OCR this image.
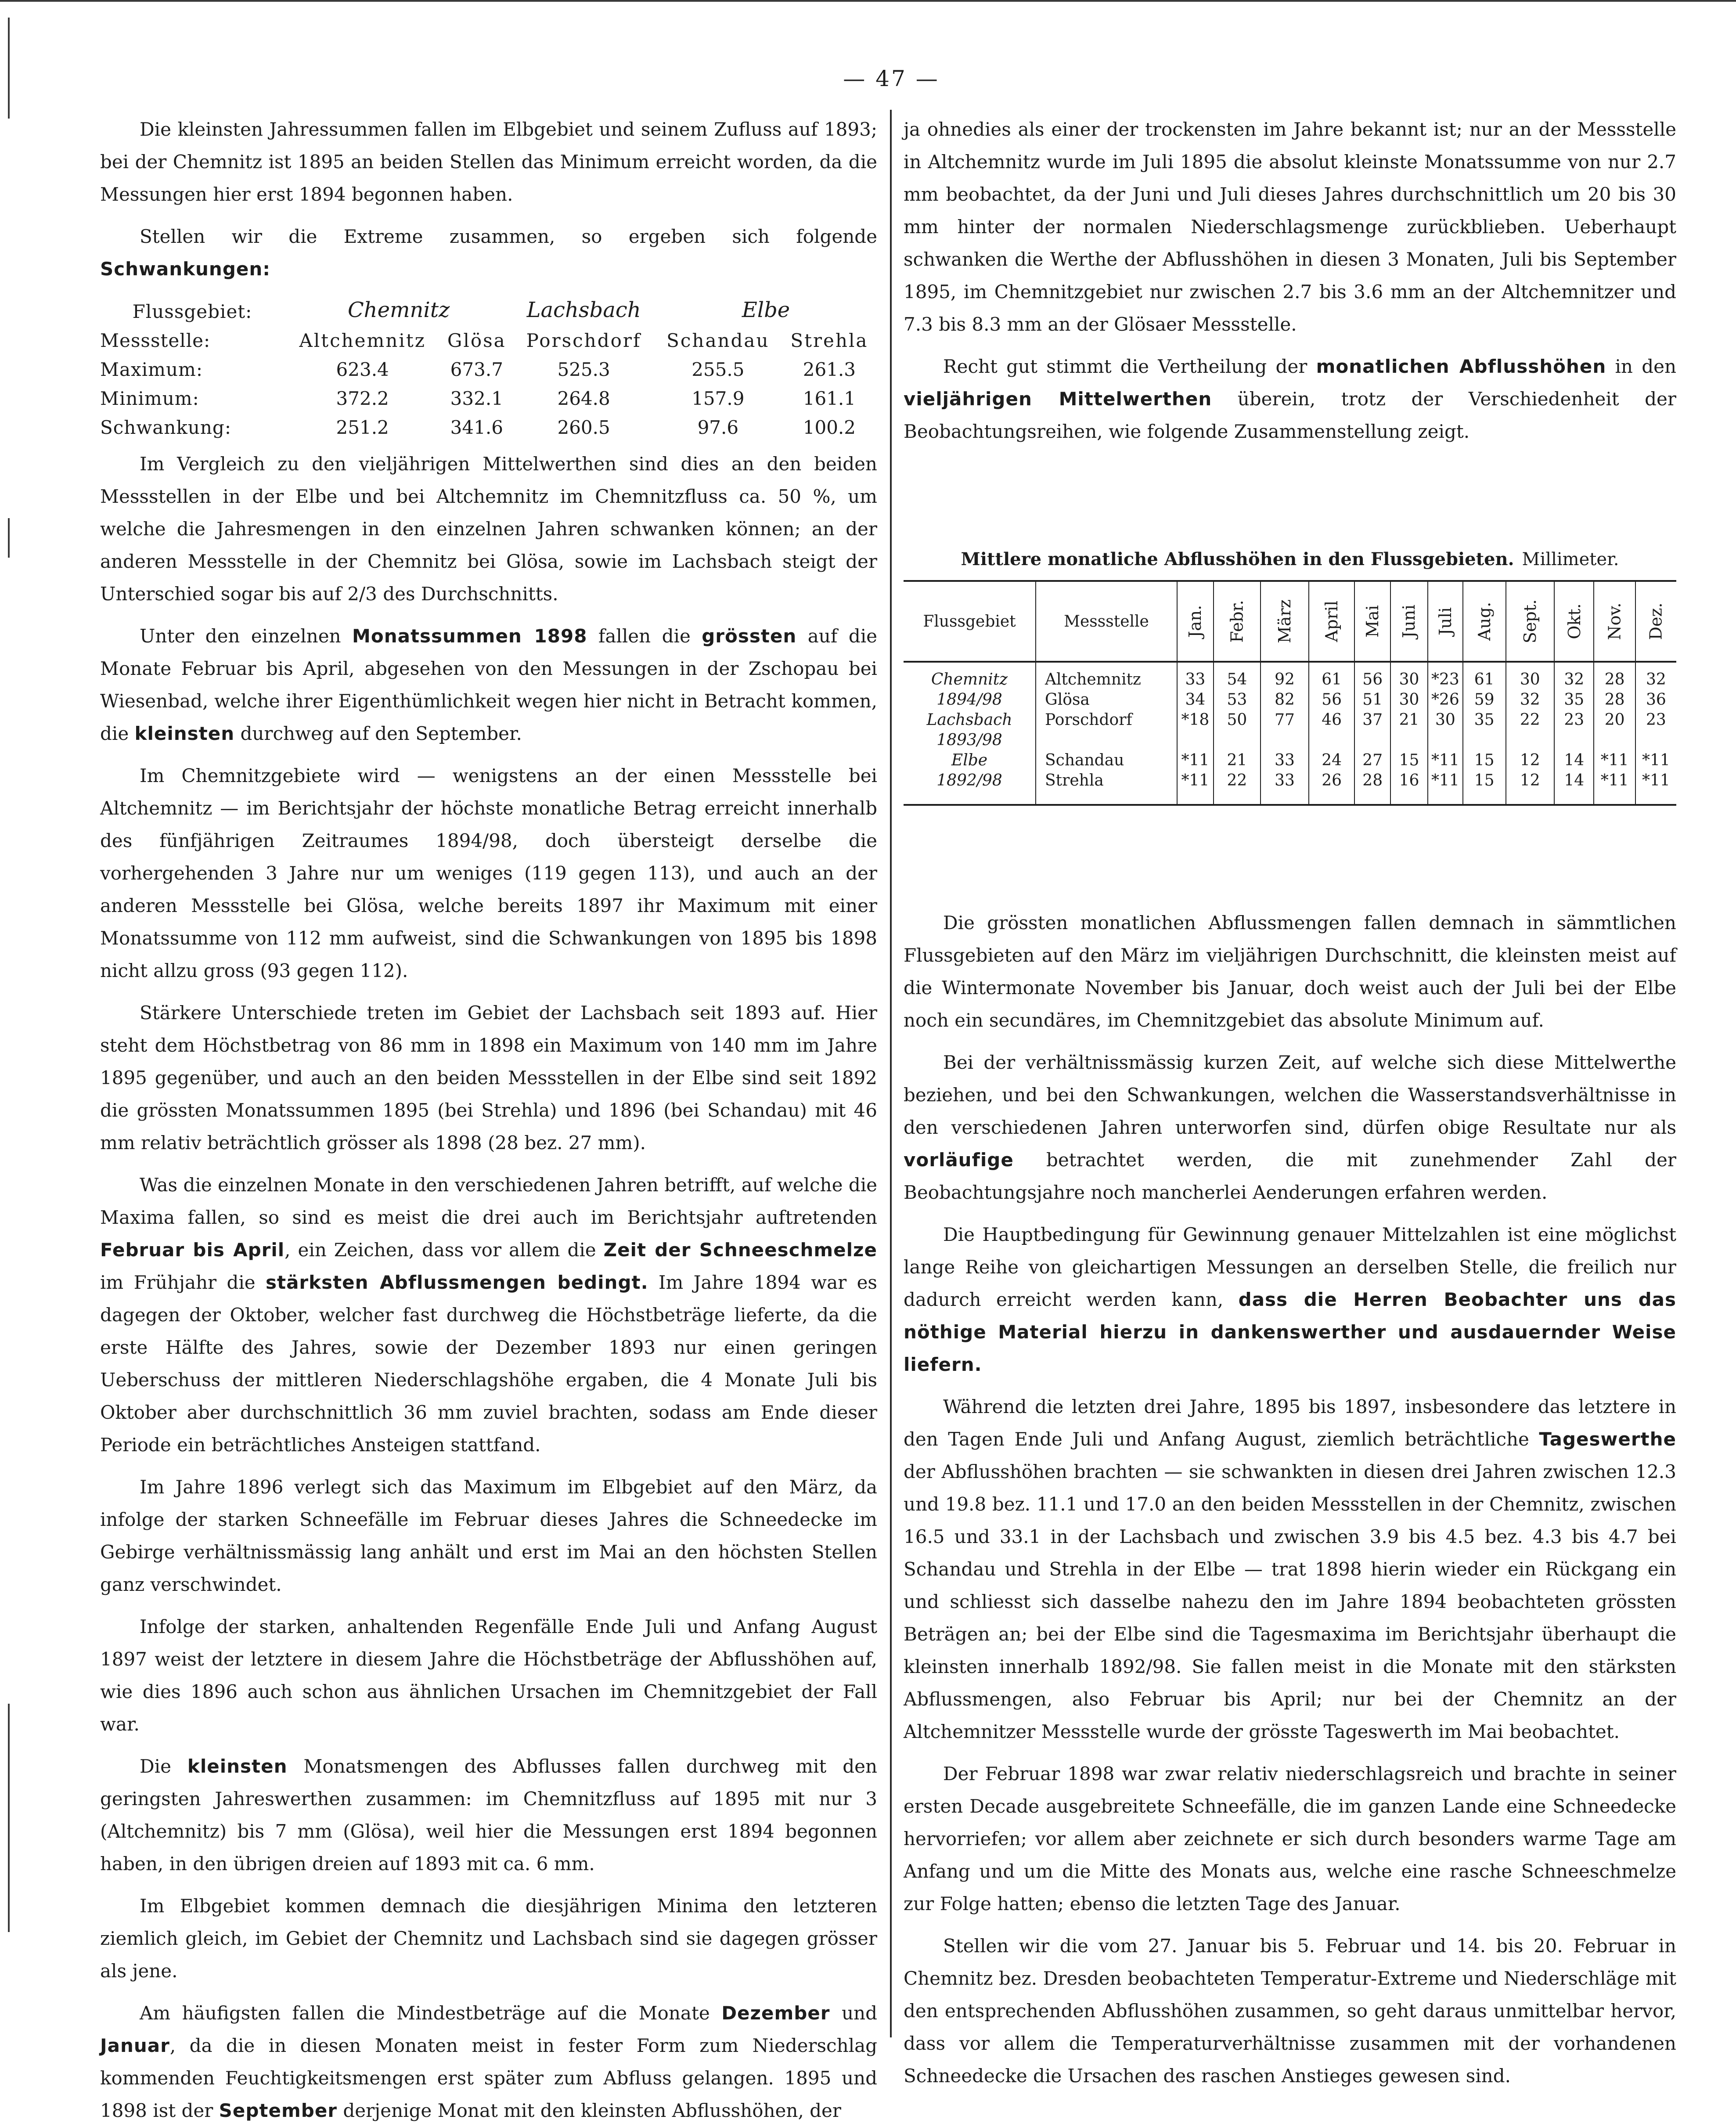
— 47 —

Die kleinsten Jahressummen fallen im Elbgebiet und seinem Zufluss auf 1893; bei der Chemnitz ist 1895 an beiden Stellen das Minimum erreicht worden, da die Messungen hier erst 1894 begonnen haben.

Stellen wir die Extreme zusammen, so ergeben sich folgende Schwankungen:

Flussgebiet:	Chemnitz		Lachsbach	Elbe	
Messstelle:	Altchemnitz	Glösa	Porschdorf	Schandau	Strehla
Maximum:	623.4	673.7	525.3	255.5	261.3
Minimum:	372.2	332.1	264.8	157.9	161.1
Schwankung:	251.2	341.6	260.5	97.6	100.2

Im Vergleich zu den vieljährigen Mittelwerthen sind dies an den beiden Messstellen in der Elbe und bei Altchemnitz im Chemnitzfluss ca. 50 %, um welche die Jahresmengen in den einzelnen Jahren schwanken können; an der anderen Messstelle in der Chemnitz bei Glösa, sowie im Lachsbach steigt der Unterschied sogar bis auf 2/3 des Durchschnitts.

Unter den einzelnen Monatssummen 1898 fallen die grössten auf die Monate Februar bis April, abgesehen von den Messungen in der Zschopau bei Wiesenbad, welche ihrer Eigenthümlichkeit wegen hier nicht in Betracht kommen, die kleinsten durchweg auf den September.

Im Chemnitzgebiete wird — wenigstens an der einen Messstelle bei Altchemnitz — im Berichtsjahr der höchste monatliche Betrag erreicht innerhalb des fünfjährigen Zeitraumes 1894/98, doch übersteigt derselbe die vorhergehenden 3 Jahre nur um weniges (119 gegen 113), und auch an der anderen Messstelle bei Glösa, welche bereits 1897 ihr Maximum mit einer Monatssumme von 112 mm aufweist, sind die Schwankungen von 1895 bis 1898 nicht allzu gross (93 gegen 112).

Stärkere Unterschiede treten im Gebiet der Lachsbach seit 1893 auf. Hier steht dem Höchstbetrag von 86 mm in 1898 ein Maximum von 140 mm im Jahre 1895 gegenüber, und auch an den beiden Messstellen in der Elbe sind seit 1892 die grössten Monatssummen 1895 (bei Strehla) und 1896 (bei Schandau) mit 46 mm relativ beträchtlich grösser als 1898 (28 bez. 27 mm).

Was die einzelnen Monate in den verschiedenen Jahren betrifft, auf welche die Maxima fallen, so sind es meist die drei auch im Berichtsjahr auftretenden Februar bis April, ein Zeichen, dass vor allem die Zeit der Schneeschmelze im Frühjahr die stärksten Abflussmengen bedingt. Im Jahre 1894 war es dagegen der Oktober, welcher fast durchweg die Höchstbeträge lieferte, da die erste Hälfte des Jahres, sowie der Dezember 1893 nur einen geringen Ueberschuss der mittleren Niederschlagshöhe ergaben, die 4 Monate Juli bis Oktober aber durchschnittlich 36 mm zuviel brachten, sodass am Ende dieser Periode ein beträchtliches Ansteigen stattfand.

Im Jahre 1896 verlegt sich das Maximum im Elbgebiet auf den März, da infolge der starken Schneefälle im Februar dieses Jahres die Schneedecke im Gebirge verhältnissmässig lang anhält und erst im Mai an den höchsten Stellen ganz verschwindet.

Infolge der starken, anhaltenden Regenfälle Ende Juli und Anfang August 1897 weist der letztere in diesem Jahre die Höchstbeträge der Abflusshöhen auf, wie dies 1896 auch schon aus ähnlichen Ursachen im Chemnitzgebiet der Fall war.

Die kleinsten Monatsmengen des Abflusses fallen durchweg mit den geringsten Jahreswerthen zusammen: im Chemnitzfluss auf 1895 mit nur 3 (Altchemnitz) bis 7 mm (Glösa), weil hier die Messungen erst 1894 begonnen haben, in den übrigen dreien auf 1893 mit ca. 6 mm.

Im Elbgebiet kommen demnach die diesjährigen Minima den letzteren ziemlich gleich, im Gebiet der Chemnitz und Lachsbach sind sie dagegen grösser als jene.

Am häufigsten fallen die Mindestbeträge auf die Monate Dezember und Januar, da die in diesen Monaten meist in fester Form zum Niederschlag kommenden Feuchtigkeitsmengen erst später zum Abfluss gelangen. 1895 und 1898 ist der September derjenige Monat mit den kleinsten Abflusshöhen, der

ja ohnedies als einer der trockensten im Jahre bekannt ist; nur an der Messstelle in Altchemnitz wurde im Juli 1895 die absolut kleinste Monatssumme von nur 2.7 mm beobachtet, da der Juni und Juli dieses Jahres durchschnittlich um 20 bis 30 mm hinter der normalen Niederschlagsmenge zurückblieben. Ueberhaupt schwanken die Werthe der Abflusshöhen in diesen 3 Monaten, Juli bis September 1895, im Chemnitzgebiet nur zwischen 2.7 bis 3.6 mm an der Altchemnitzer und 7.3 bis 8.3 mm an der Glösaer Messstelle.

Recht gut stimmt die Vertheilung der monatlichen Abflusshöhen in den vieljährigen Mittelwerthen überein, trotz der Verschiedenheit der Beobachtungsreihen, wie folgende Zusammenstellung zeigt.

Mittlere monatliche Abflusshöhen in den Flussgebieten. Millimeter.
Flussgebiet	Messstelle	Jan.	Febr.	März	April	Mai	Juni	Juli	Aug.	Sept.	Okt.	Nov.	Dez.
Chemnitz	Altchemnitz	33	54	92	61	56	30	*23	61	30	32	28	32
1894/98	Glösa	34	53	82	56	51	30	*26	59	32	35	28	36
Lachsbach	Porschdorf	*18	50	77	46	37	21	30	35	22	23	20	23
1893/98													
Elbe	Schandau	*11	21	33	24	27	15	*11	15	12	14	*11	*11
1892/98	Strehla	*11	22	33	26	28	16	*11	15	12	14	*11	*11

Die grössten monatlichen Abflussmengen fallen demnach in sämmtlichen Flussgebieten auf den März im vieljährigen Durchschnitt, die kleinsten meist auf die Wintermonate November bis Januar, doch weist auch der Juli bei der Elbe noch ein secundäres, im Chemnitzgebiet das absolute Minimum auf.

Bei der verhältnissmässig kurzen Zeit, auf welche sich diese Mittelwerthe beziehen, und bei den Schwankungen, welchen die Wasserstandsverhältnisse in den verschiedenen Jahren unterworfen sind, dürfen obige Resultate nur als vorläufige betrachtet werden, die mit zunehmender Zahl der Beobachtungsjahre noch mancherlei Aenderungen erfahren werden.

Die Hauptbedingung für Gewinnung genauer Mittelzahlen ist eine möglichst lange Reihe von gleichartigen Messungen an derselben Stelle, die freilich nur dadurch erreicht werden kann, dass die Herren Beobachter uns das nöthige Material hierzu in dankenswerther und ausdauernder Weise liefern.

Während die letzten drei Jahre, 1895 bis 1897, insbesondere das letztere in den Tagen Ende Juli und Anfang August, ziemlich beträchtliche Tageswerthe der Abflusshöhen brachten — sie schwankten in diesen drei Jahren zwischen 12.3 und 19.8 bez. 11.1 und 17.0 an den beiden Messstellen in der Chemnitz, zwischen 16.5 und 33.1 in der Lachsbach und zwischen 3.9 bis 4.5 bez. 4.3 bis 4.7 bei Schandau und Strehla in der Elbe — trat 1898 hierin wieder ein Rückgang ein und schliesst sich dasselbe nahezu den im Jahre 1894 beobachteten grössten Beträgen an; bei der Elbe sind die Tagesmaxima im Berichtsjahr überhaupt die kleinsten innerhalb 1892/98. Sie fallen meist in die Monate mit den stärksten Abflussmengen, also Februar bis April; nur bei der Chemnitz an der Altchemnitzer Messstelle wurde der grösste Tageswerth im Mai beobachtet.

Der Februar 1898 war zwar relativ niederschlagsreich und brachte in seiner ersten Decade ausgebreitete Schneefälle, die im ganzen Lande eine Schneedecke hervorriefen; vor allem aber zeichnete er sich durch besonders warme Tage am Anfang und um die Mitte des Monats aus, welche eine rasche Schneeschmelze zur Folge hatten; ebenso die letzten Tage des Januar.

Stellen wir die vom 27. Januar bis 5. Februar und 14. bis 20. Februar in Chemnitz bez. Dresden beobachteten Temperatur-Extreme und Niederschläge mit den entsprechenden Abflusshöhen zusammen, so geht daraus unmittelbar hervor, dass vor allem die Temperaturverhältnisse zusammen mit der vorhandenen Schneedecke die Ursachen des raschen Anstieges gewesen sind.
